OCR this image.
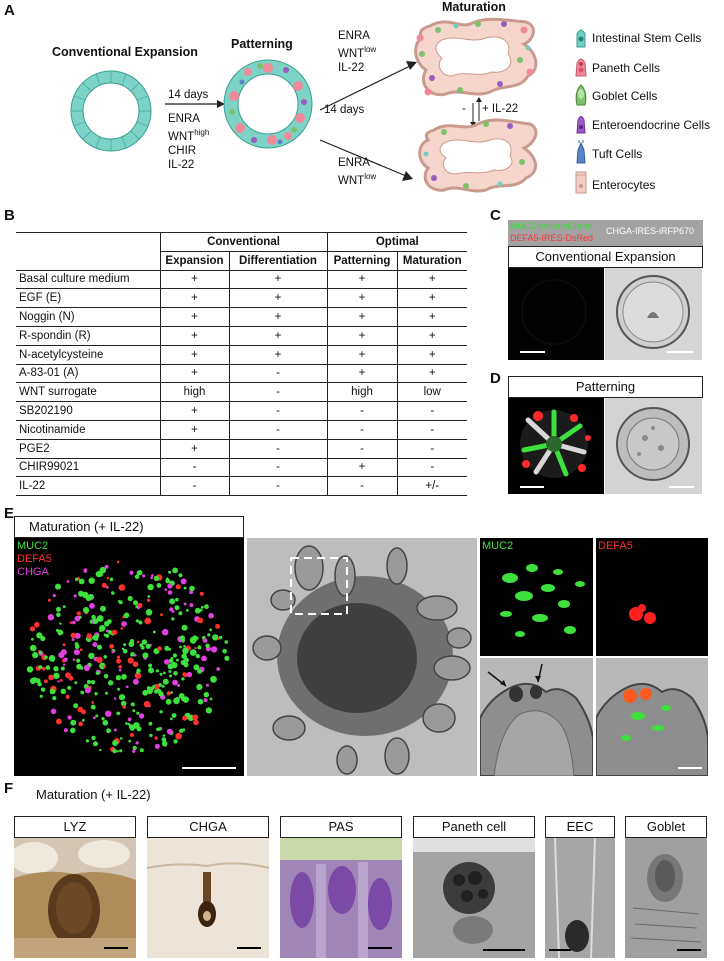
A
Conventional Expansion
14 days
ENRA
$WNT^{high}$
CHIR
IL-22
Patterning
Maturation
ENRA
$WNT^{low}$
IL-22
14 days
ENRA
$WNT^{low}$
- + IL-22
Intestinal Stem Cells
Paneth Cells
Goblet Cells
Enteroendocrine Cells
Tuft Cells
Enterocytes
B
	Conventional		Optimal	
	Expansion	Differentiation	Patterning	Maturation
Basal culture medium	+	+	+	+
EGF (E)	+	+	+	+
Noggin (N)	+	+	+	+
R-spondin (R)	+	+	+	+
N-acetylcysteine	+	+	+	+
A-83-01 (A)	+	-	+	+
WNT surrogate	high	-	high	low
SB202190	+	-	-	-
Nicotinamide	+	-	-	-
PGE2	+	-	-	-
CHIR99021	-	-	+	-
IL-22	-	-	-	+/-
C
MUC2-mNeonGreen
DEFA5-IRES-DsRed
CHGA-IRES-iRFP670
Conventional Expansion
D	Patterning
E
Maturation (+ IL-22)
MUC2
DEFA5
CHGA
MUC2	DEFA5
F Maturation (+ IL-22)
LYZ	CHGA	PAS	Paneth cell	EEC	Goblet
